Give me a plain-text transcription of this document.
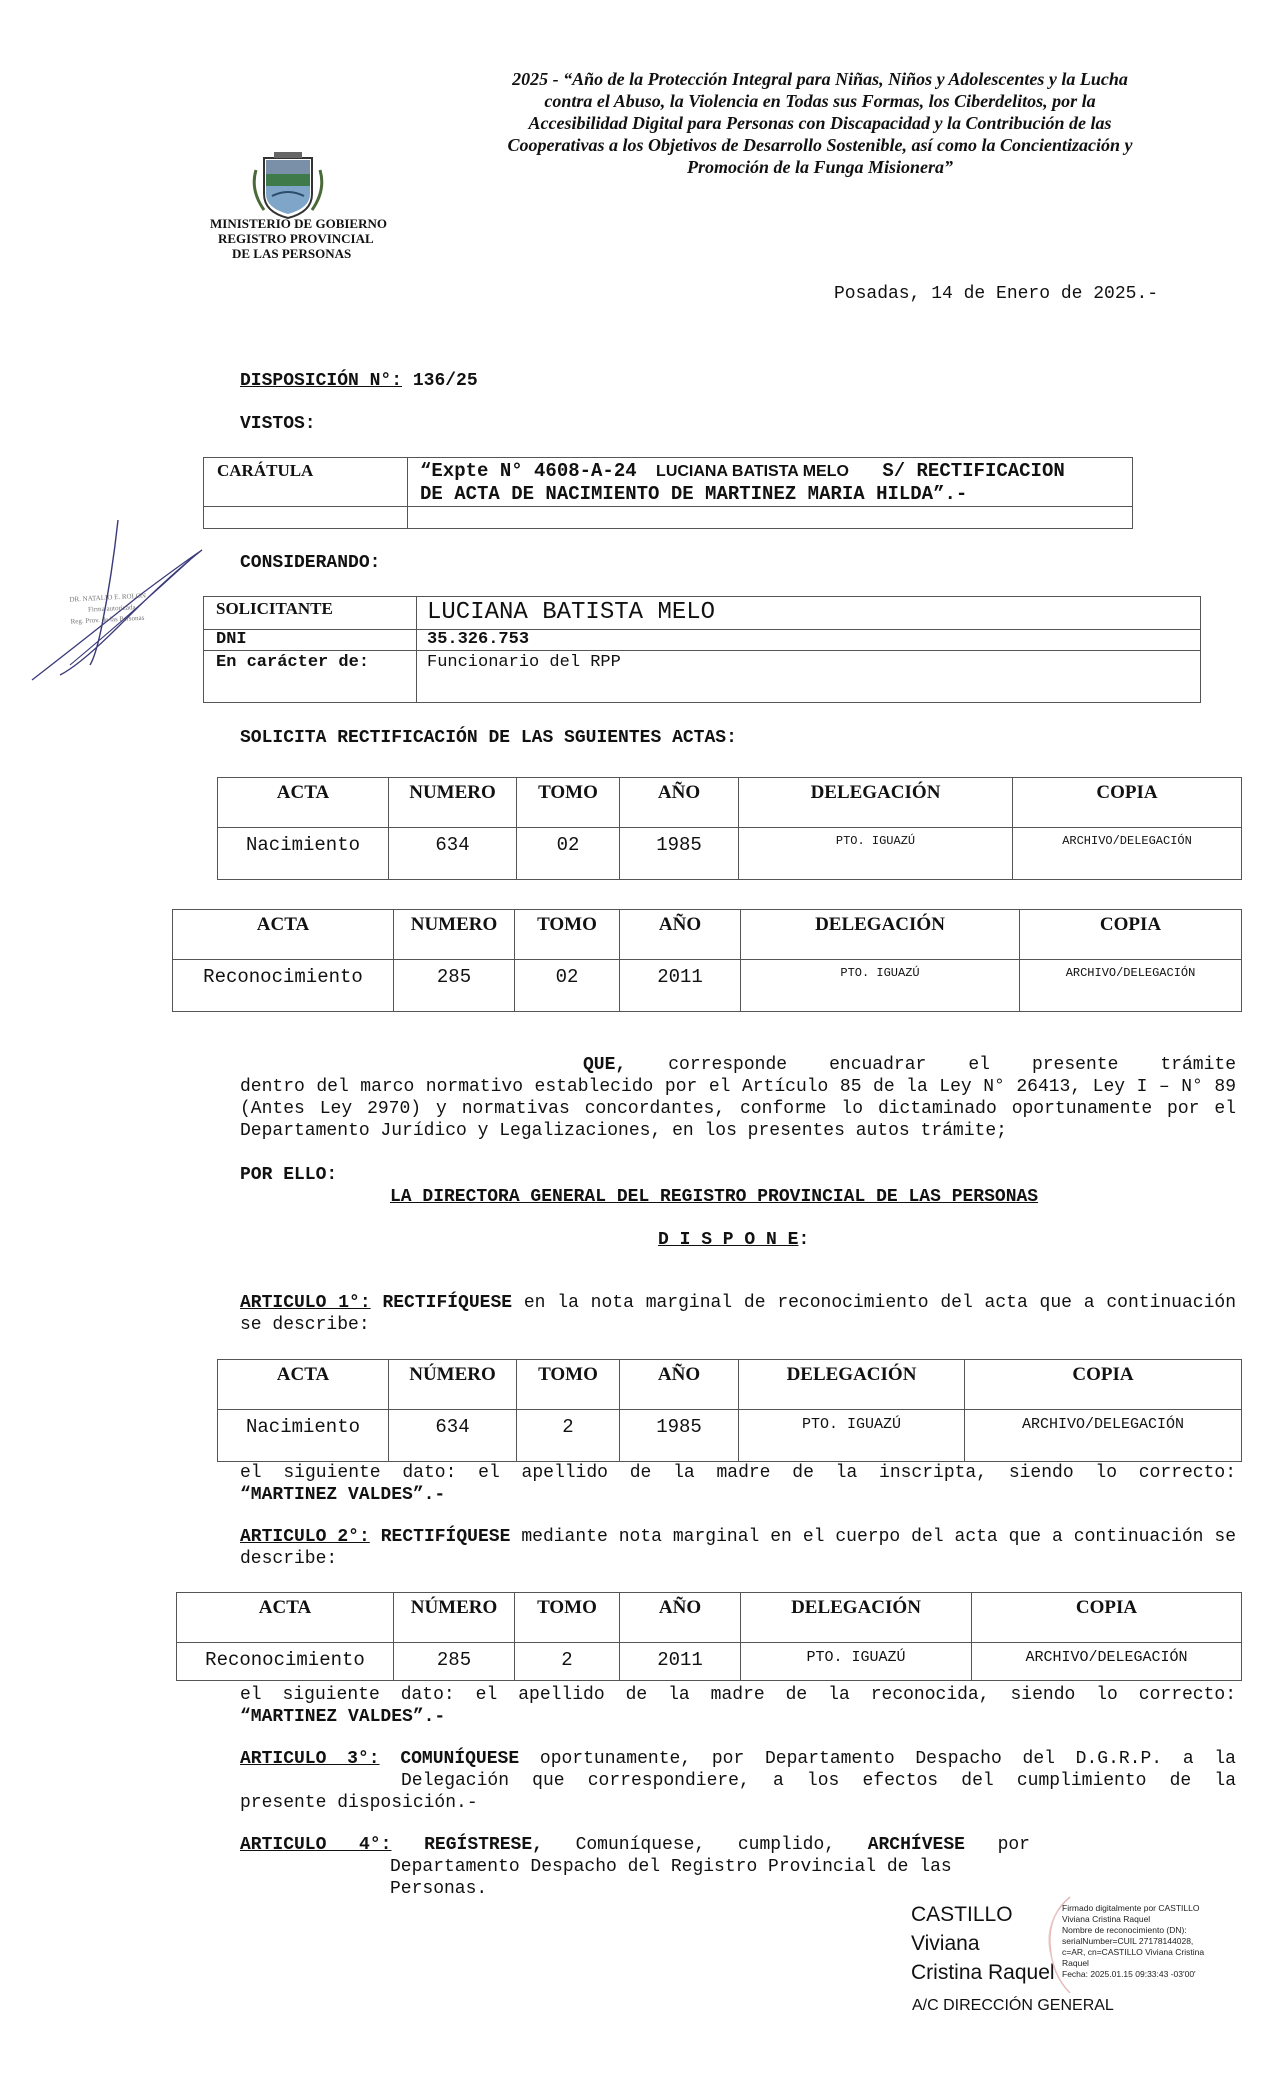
MINISTERIO DE GOBIERNO
REGISTRO PROVINCIAL
DE LAS PERSONAS
2025 - “Año de la Protección Integral para Niñas, Niños y Adolescentes y la Lucha
contra el Abuso, la Violencia en Todas sus Formas, los Ciberdelitos, por la
Accesibilidad Digital para Personas con Discapacidad y la Contribución de las
Cooperativas a los Objetivos de Desarrollo Sostenible, así como la Concientización y
Promoción de la Funga Misionera”
Posadas, 14 de Enero de 2025.-
DISPOSICIÓN N°: 136/25
VISTOS:
CARÁTULA	“Expte N° 4608-A-24 LUCIANA BATISTA MELO S/ RECTIFICACION
DE ACTA DE NACIMIENTO DE MARTINEZ MARIA HILDA”.-

DR. NATALIO E. ROLON
Firma autorizada
Reg. Prov. de las Personas
CONSIDERANDO:
SOLICITANTE	LUCIANA BATISTA MELO
DNI	35.326.753
En carácter de:	Funcionario del RPP
SOLICITA RECTIFICACIÓN DE LAS SGUIENTES ACTAS:
ACTA	NUMERO	TOMO	AÑO	DELEGACIÓN	COPIA
Nacimiento	634	02	1985	PTO. IGUAZÚ	ARCHIVO/DELEGACIÓN
ACTA	NUMERO	TOMO	AÑO	DELEGACIÓN	COPIA
Reconocimiento	285	02	2011	PTO. IGUAZÚ	ARCHIVO/DELEGACIÓN
QUE, corresponde encuadrar el presente trámite
dentro del marco normativo establecido por el Artículo 85 de la Ley N° 26413, Ley I – N° 89 (Antes Ley 2970) y normativas concordantes, conforme lo dictaminado oportunamente por el Departamento Jurídico y Legalizaciones, en los presentes autos trámite;
POR ELLO:
LA DIRECTORA GENERAL DEL REGISTRO PROVINCIAL DE LAS PERSONAS
D I S P O N E:
ARTICULO 1°: RECTIFÍQUESE en la nota marginal de reconocimiento del acta que a continuación se describe:
ACTA	NÚMERO	TOMO	AÑO	DELEGACIÓN	COPIA
Nacimiento	634	2	1985	PTO. IGUAZÚ	ARCHIVO/DELEGACIÓN
el siguiente dato: el apellido de la madre de la inscripta, siendo lo correcto:
“MARTINEZ VALDES”.-
ARTICULO 2°: RECTIFÍQUESE mediante nota marginal en el cuerpo del acta que a continuación se describe:
ACTA	NÚMERO	TOMO	AÑO	DELEGACIÓN	COPIA
Reconocimiento	285	2	2011	PTO. IGUAZÚ	ARCHIVO/DELEGACIÓN
el siguiente dato: el apellido de la madre de la reconocida, siendo lo correcto:
“MARTINEZ VALDES”.-
ARTICULO 3°: COMUNÍQUESE oportunamente, por Departamento Despacho del D.G.R.P. a la
Delegación que correspondiere, a los efectos del cumplimiento de la
presente disposición.-
ARTICULO 4°: REGÍSTRESE, Comuníquese, cumplido, ARCHÍVESE por
Departamento Despacho del Registro Provincial de las Personas.
CASTILLO
Viviana
Cristina Raquel
Firmado digitalmente por CASTILLO
Viviana Cristina Raquel
Nombre de reconocimiento (DN):
serialNumber=CUIL 27178144028,
c=AR, cn=CASTILLO Viviana Cristina
Raquel
Fecha: 2025.01.15 09:33:43 -03'00'
A/C DIRECCIÓN GENERAL
